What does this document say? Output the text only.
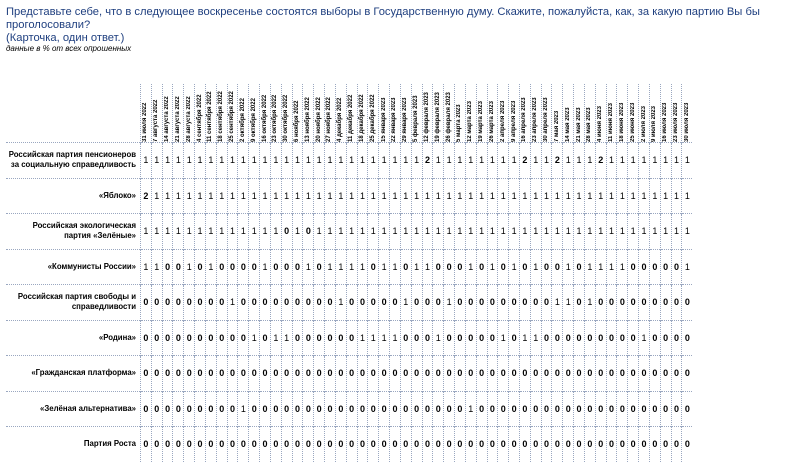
Представьте себе, что в следующее воскресенье состоятся выборы в Государственную думу. Скажите, пожалуйста, как, за какую партию Вы бы проголосовали?
(Карточка, один ответ.)
данные в % от всех опрошенных

	31 июля 2022	7 августа 2022	14 августа 2022	21 августа 2022	28 августа 2022	4 сентября 2022	11 сентября 2022	18 сентября 2022	25 сентября 2022	2 октября 2022	9 октября 2022	16 октября 2022	23 октября 2022	30 октября 2022	6 ноября 2022	13 ноября 2022	20 ноября 2022	27 ноября 2022	4 декабря 2022	11 декабря 2022	18 декабря 2022	25 декабря 2022	15 января 2023	22 января 2023	29 января 2023	5 февраля 2023	12 февраля 2023	19 февраля 2023	26 февраля 2023	5 марта 2023	12 марта 2023	19 марта 2023	26 марта 2023	2 апреля 2023	9 апреля 2023	16 апреля 2023	23 апреля 2023	30 апреля 2023	7 мая 2023	14 мая 2023	21 мая 2023	28 мая 2023	4 июня 2023	11 июня 2023	18 июня 2023	25 июня 2023	2 июля 2023	9 июля 2023	16 июля 2023	23 июля 2023	30 июля 2023

Российская партия пенсионеров за социальную справедливость	1	1	1	1	1	1	1	1	1	1	1	1	1	1	1	1	1	1	1	1	1	1	1	1	1	1	2	1	1	1	1	1	1	1	1	2	1	1	2	1	1	1	2	1	1	1	1	1	1	1	1
«Яблоко»	2	1	1	1	1	1	1	1	1	1	1	1	1	1	1	1	1	1	1	1	1	1	1	1	1	1	1	1	1	1	1	1	1	1	1	1	1	1	1	1	1	1	1	1	1	1	1	1	1	1	1
Российская экологическая партия «Зелёные»	1	1	1	1	1	1	1	1	1	1	1	1	1	0	1	0	1	1	1	1	1	1	1	1	1	1	1	1	1	1	1	1	1	1	1	1	1	1	1	1	1	1	1	1	1	1	1	1	1	1	1
«Коммунисты России»	1	1	0	0	1	0	1	0	0	0	0	1	0	0	0	1	0	1	1	1	1	0	1	1	0	1	1	0	0	0	1	0	1	0	1	0	1	0	0	1	0	1	1	1	1	0	0	0	0	0	1
Российская партия свободы и справедливости	0	0	0	0	0	0	0	0	1	0	0	0	0	0	0	0	0	0	1	0	0	0	0	0	1	0	0	0	1	0	0	0	0	0	0	0	0	0	1	1	0	1	0	0	0	0	0	0	0	0	0
«Родина»	0	0	0	0	0	0	0	0	0	0	1	0	1	1	0	0	0	0	0	0	1	1	1	1	0	0	0	1	0	0	0	0	0	1	0	1	1	0	0	0	0	0	0	0	0	0	1	0	0	0	0
«Гражданская платформа»	0	0	0	0	0	0	0	0	0	0	0	0	0	0	0	0	0	0	0	0	0	0	0	0	0	0	0	0	0	0	0	0	0	0	0	0	0	0	0	0	0	0	0	0	0	0	0	0	0	0	0
«Зелёная альтернатива»	0	0	0	0	0	0	0	0	0	1	0	0	0	0	0	0	0	0	0	0	0	0	0	0	0	0	0	0	0	0	1	0	0	0	0	0	0	0	0	0	0	0	0	0	0	0	0	0	0	0	0
Партия Роста	0	0	0	0	0	0	0	0	0	0	0	0	0	0	0	0	0	0	0	0	0	0	0	0	0	0	0	0	0	0	0	0	0	0	0	0	0	0	0	0	0	0	0	0	0	0	0	0	0	0	0
